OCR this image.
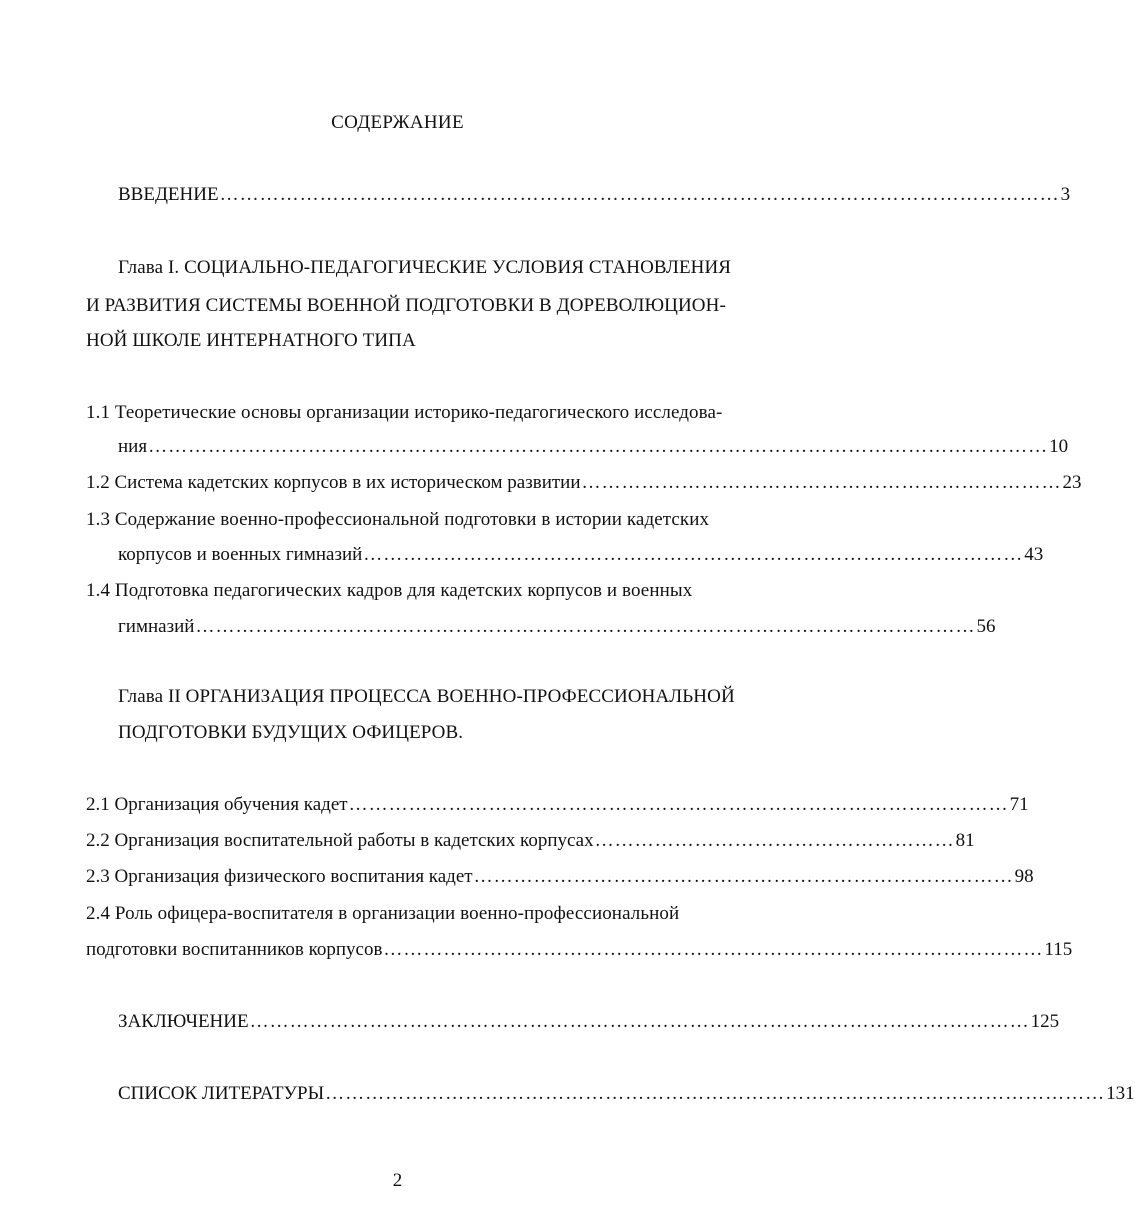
СОДЕРЖАНИЕ
ВВЕДЕНИЕ ……………………………………………………………………………………………………………… 3
Глава I. СОЦИАЛЬНО-ПЕДАГОГИЧЕСКИЕ УСЛОВИЯ СТАНОВЛЕНИЯ
И РАЗВИТИЯ СИСТЕМЫ ВОЕННОЙ ПОДГОТОВКИ В ДОРЕВОЛЮЦИОН-
НОЙ ШКОЛЕ ИНТЕРНАТНОГО ТИПА
1.1 Теоретические основы организации историко-педагогического исследова-
ния ……………………………………………………………………………………………………………………… 10
1.2 Система кадетских корпусов в их историческом развитии ……………………………………………………………… 23
1.3 Содержание военно-профессиональной подготовки в истории кадетских
корпусов и военных гимназий ……………………………………………………………………………………… 43
1.4 Подготовка педагогических кадров для кадетских корпусов и военных
гимназий ……………………………………………………………………………………………………… 56
Глава II ОРГАНИЗАЦИЯ ПРОЦЕССА ВОЕННО-ПРОФЕССИОНАЛЬНОЙ
ПОДГОТОВКИ БУДУЩИХ ОФИЦЕРОВ.
2.1 Организация обучения кадет ……………………………………………………………………………………… 71
2.2 Организация воспитательной работы в кадетских корпусах ……………………………………………… 81
2.3 Организация физического воспитания кадет ……………………………………………………………………… 98
2.4 Роль офицера-воспитателя в организации военно-профессиональной
подготовки воспитанников корпусов ……………………………………………………………………………………… 115
ЗАКЛЮЧЕНИЕ ……………………………………………………………………………………………………… 125
СПИСОК ЛИТЕРАТУРЫ ……………………………………………………………………………………………………… 131
2
